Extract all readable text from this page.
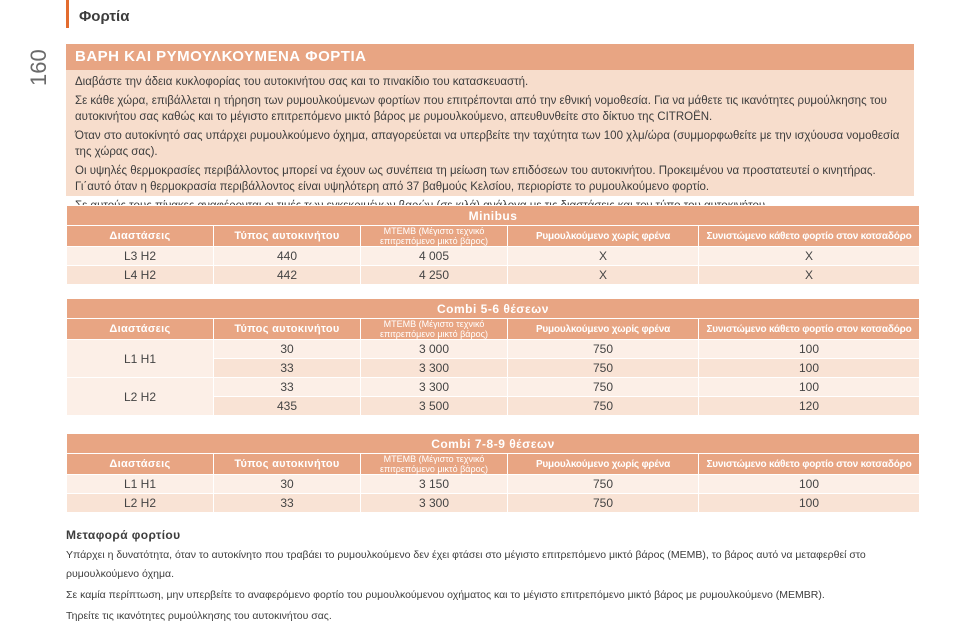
160
Φορτία
ΒΑΡΗ ΚΑΙ ΡΥΜΟΥΛΚΟΥΜΕΝΑ ΦΟΡΤΙΑ

Διαβάστε την άδεια κυκλοφορίας του αυτοκινήτου σας και το πινακίδιο του κατασκευαστή.

Σε κάθε χώρα, επιβάλλεται η τήρηση των ρυμουλκούμενων φορτίων που επιτρέπονται από την εθνική νομοθεσία. Για να μάθετε τις ικανότητες ρυμούλκησης του αυτοκινήτου σας καθώς και το μέγιστο επιτρεπόμενο μικτό βάρος με ρυμουλκούμενο, απευθυνθείτε στο δίκτυο της CITROËN.

Όταν στο αυτοκίνητό σας υπάρχει ρυμουλκούμενο όχημα, απαγορεύεται να υπερβείτε την ταχύτητα των 100 χλμ/ώρα (συμμορφωθείτε με την ισχύουσα νομοθεσία της χώρας σας).

Οι υψηλές θερμοκρασίες περιβάλλοντος μπορεί να έχουν ως συνέπεια τη μείωση των επιδόσεων του αυτοκινήτου. Προκειμένου να προστατευτεί ο κινητήρας. Γι΄αυτό όταν η θερμοκρασία περιβάλλοντος είναι υψηλότερη από 37 βαθμούς Κελσίου, περιορίστε το ρυμουλκούμενο φορτίο.

Minibus				
Διαστάσεις	Τύπος αυτοκινήτου	MTEMB (Μέγιστο τεχνικό επιτρεπόμενο μικτό βάρος)	Ρυμουλκούμενο χωρίς φρένα	Συνιστώμενο κάθετο φορτίο στον κοτσαδόρο
L3 H2	440	4 005	X	X
L4 H2	442	4 250	X	X
Combi 5-6 θέσεων				
Διαστάσεις	Τύπος αυτοκινήτου	MTEMB (Μέγιστο τεχνικό επιτρεπόμενο μικτό βάρος)	Ρυμουλκούμενο χωρίς φρένα	Συνιστώμενο κάθετο φορτίο στον κοτσαδόρο
L1 H1	30	3 000	750	100
	33	3 300	750	100
L2 H2	33	3 300	750	100
	435	3 500	750	120
Combi 7-8-9 θέσεων				
Διαστάσεις	Τύπος αυτοκινήτου	MTEMB (Μέγιστο τεχνικό επιτρεπόμενο μικτό βάρος)	Ρυμουλκούμενο χωρίς φρένα	Συνιστώμενο κάθετο φορτίο στον κοτσαδόρο
L1 H1	30	3 150	750	100
L2 H2	33	3 300	750	100
Μεταφορά φορτίου

Υπάρχει η δυνατότητα, όταν το αυτοκίνητο που τραβάει το ρυμουλκούμενο δεν έχει φτάσει στο μέγιστο επιτρεπόμενο μικτό βάρος (MEMB), το βάρος αυτό να μεταφερθεί στο ρυμουλκούμενο όχημα.

Σε καμία περίπτωση, μην υπερβείτε το αναφερόμενο φορτίο του ρυμουλκούμενου οχήματος και το μέγιστο επιτρεπόμενο μικτό βάρος με ρυμουλκούμενο (MEMBR).

Τηρείτε τις ικανότητες ρυμούλκησης του αυτοκινήτου σας.
